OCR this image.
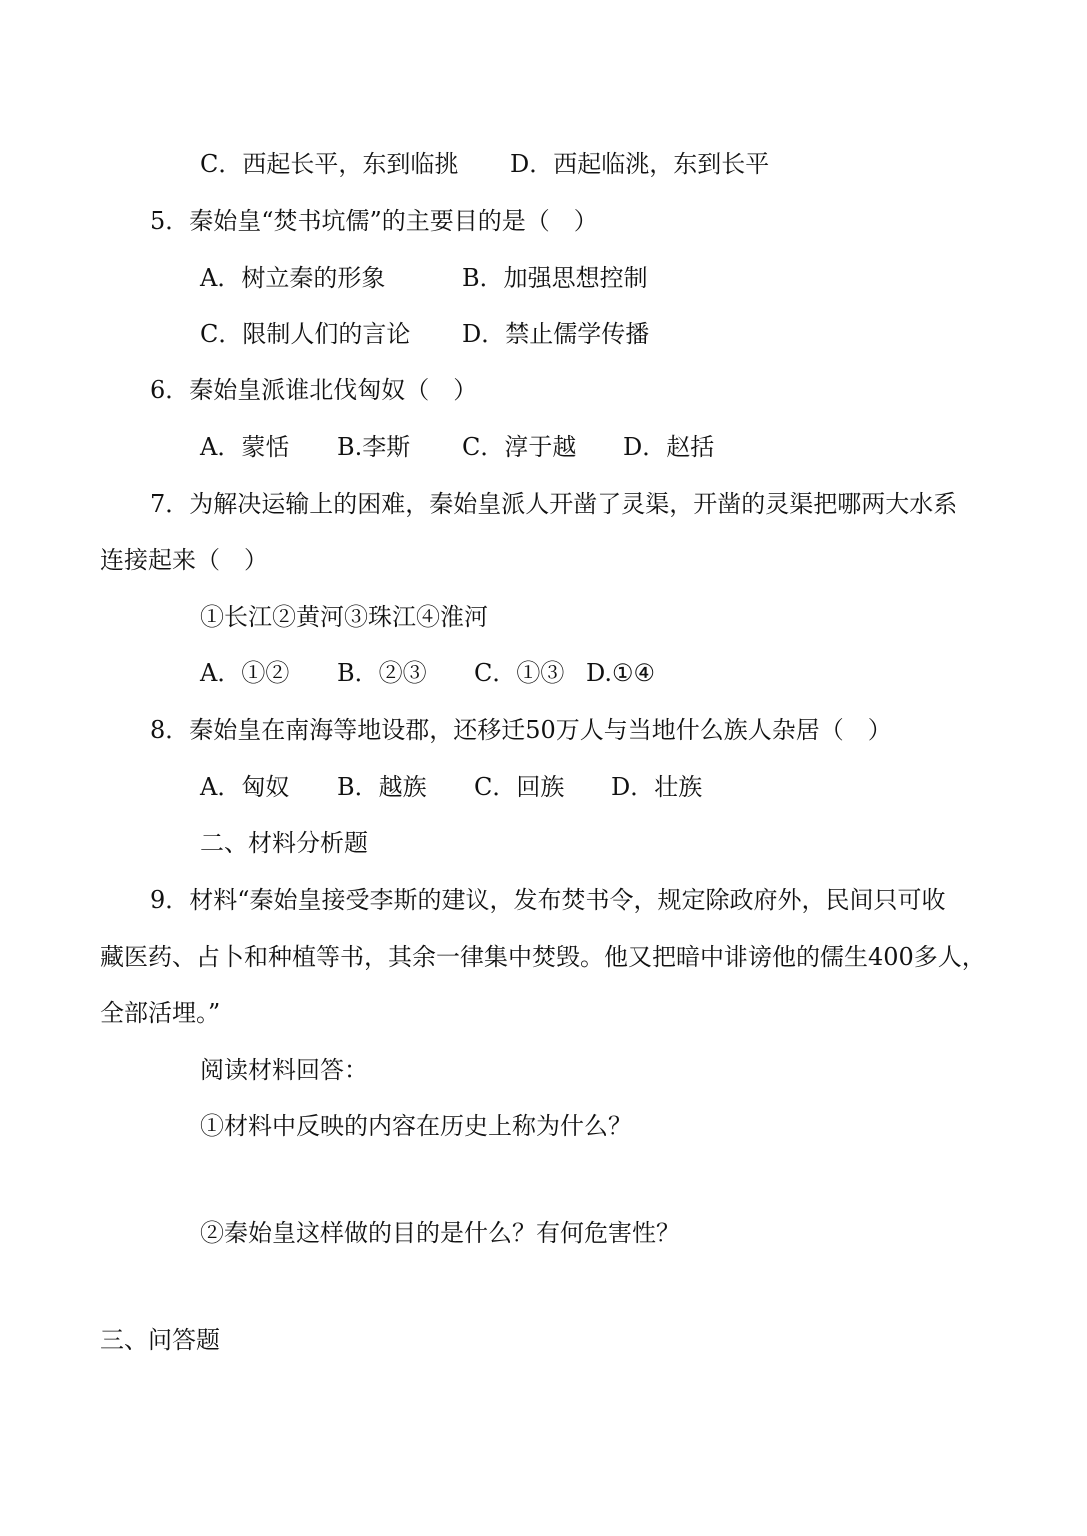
C．西起长平，东到临挑 D．西起临洮，东到长平
5．秦始皇“焚书坑儒”的主要目的是（　）
A．树立秦的形象	B．加强思想控制
C．限制人们的言论 D．禁止儒学传播
6．秦始皇派谁北伐匈奴（　）
A．蒙恬 B.李斯 C．淳于越 D．赵括
7．为解决运输上的困难，秦始皇派人开凿了灵渠，开凿的灵渠把哪两大水系
连接起来（　）
①长江②黄河③珠江④淮河
A．①② B．②③ C．①③ D.①④
8．秦始皇在南海等地设郡，还移迁50万人与当地什么族人杂居（　）
A．匈奴 B．越族 C．回族 D．壮族
二、材料分析题
9．材料“秦始皇接受李斯的建议，发布焚书令，规定除政府外，民间只可收
藏医药、占卜和种植等书，其余一律集中焚毁。他又把暗中诽谤他的儒生400多人，
全部活埋。”
阅读材料回答：
①材料中反映的内容在历史上称为什么？
②秦始皇这样做的目的是什么？有何危害性？
三、问答题
